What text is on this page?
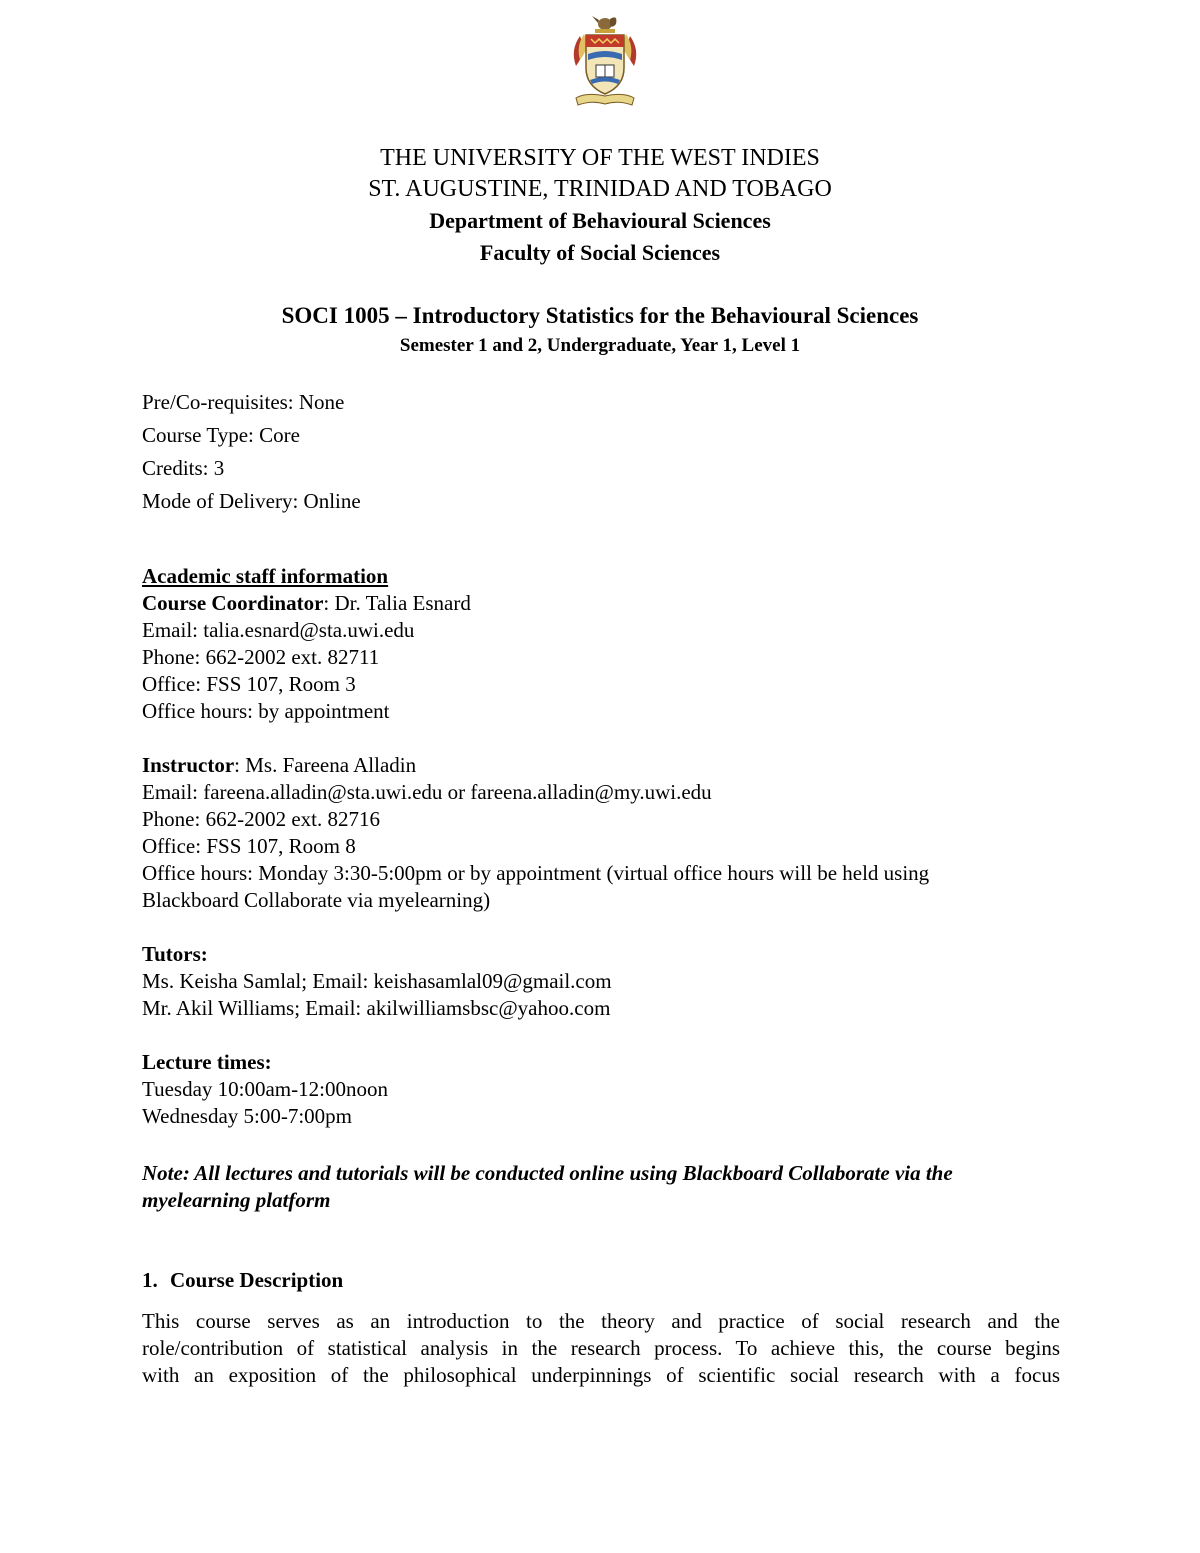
THE UNIVERSITY OF THE WEST INDIES
ST. AUGUSTINE, TRINIDAD AND TOBAGO
Department of Behavioural Sciences
Faculty of Social Sciences
SOCI 1005 – Introductory Statistics for the Behavioural Sciences
Semester 1 and 2, Undergraduate, Year 1, Level 1
Pre/Co-requisites: None
Course Type: Core
Credits: 3
Mode of Delivery: Online
Academic staff information
Course Coordinator: Dr. Talia Esnard
Email: talia.esnard@sta.uwi.edu
Phone: 662-2002 ext. 82711
Office: FSS 107, Room 3
Office hours: by appointment
Instructor: Ms. Fareena Alladin
Email: fareena.alladin@sta.uwi.edu or fareena.alladin@my.uwi.edu
Phone: 662-2002 ext. 82716
Office: FSS 107, Room 8
Office hours: Monday 3:30-5:00pm or by appointment (virtual office hours will be held using
Blackboard Collaborate via myelearning)
Tutors:
Ms. Keisha Samlal; Email: keishasamlal09@gmail.com
Mr. Akil Williams; Email: akilwilliamsbsc@yahoo.com
Lecture times:
Tuesday 10:00am-12:00noon
Wednesday 5:00-7:00pm
Note: All lectures and tutorials will be conducted online using Blackboard Collaborate via the myelearning platform
1. Course Description
This course serves as an introduction to the theory and practice of social research and the
role/contribution of statistical analysis in the research process. To achieve this, the course begins
with an exposition of the philosophical underpinnings of scientific social research with a focus
